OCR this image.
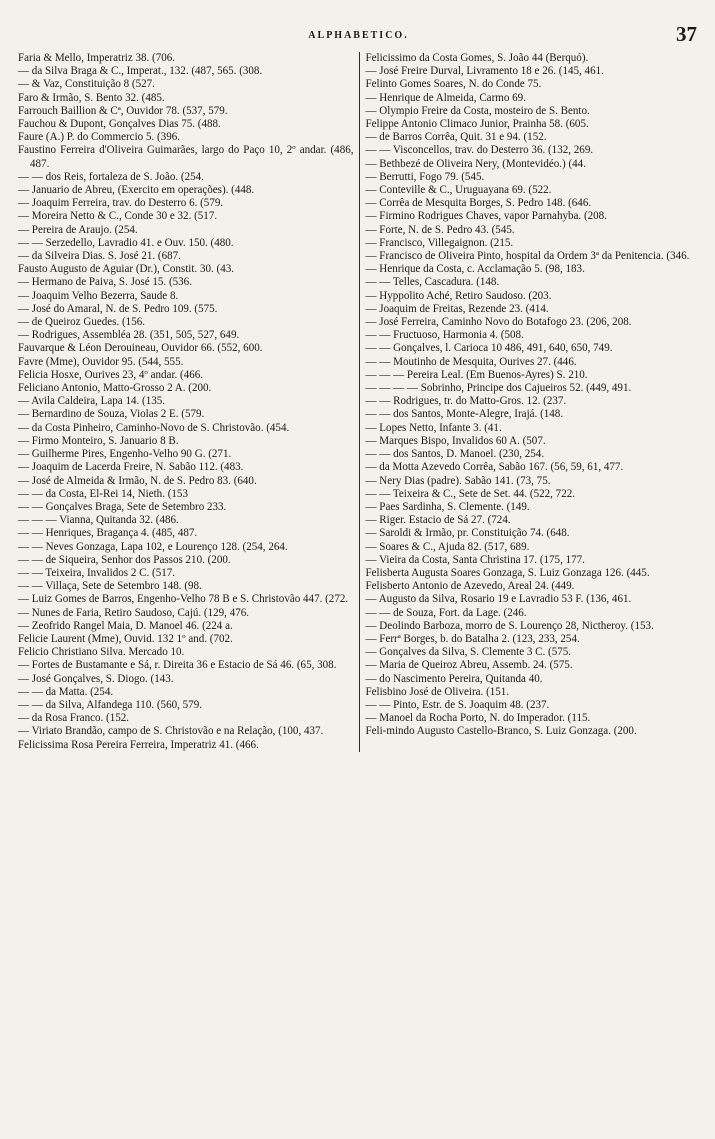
ALPHABETICO.	37

Faria & Mello, Imperatriz 38. (706.

— da Silva Braga & C., Imperat., 132. (487, 565. (308.

— & Vaz, Constituição 8 (527.

Faro & Irmão, S. Bento 32. (485.

Farrouch Baillion & Cª, Ouvidor 78. (537, 579.

Fauchou & Dupont, Gonçalves Dias 75. (488.

Faure (A.) P. do Commercio 5. (396.

Faustino Ferreira d'Oliveira Guimarães, largo do Paço 10, 2º andar. (486, 487.

— — dos Reis, fortaleza de S. João. (254.

— Januario de Abreu, (Exercito em operações). (448.

— Joaquim Ferreira, trav. do Desterro 6. (579.

— Moreira Netto & C., Conde 30 e 32. (517.

— Pereira de Araujo. (254.

— — Serzedello, Lavradio 41. e Ouv. 150. (480.

— da Silveira Dias. S. José 21. (687.

Fausto Augusto de Aguiar (Dr.), Constit. 30. (43.

— Hermano de Paiva, S. José 15. (536.

— Joaquim Velho Bezerra, Saude 8.

— José do Amaral, N. de S. Pedro 109. (575.

— de Queiroz Guedes. (156.

— Rodrigues, Assembléa 28. (351, 505, 527, 649.

Fauvarque & Léon Derouineau, Ouvidor 66. (552, 600.

Favre (Mme), Ouvidor 95. (544, 555.

Felicia Hosxe, Ourives 23, 4º andar. (466.

Feliciano Antonio, Matto-Grosso 2 A. (200.

— Avila Caldeira, Lapa 14. (135.

— Bernardino de Souza, Violas 2 E. (579.

— da Costa Pinheiro, Caminho-Novo de S. Christovão. (454.

— Firmo Monteiro, S. Januario 8 B.

— Guilherme Pires, Engenho-Velho 90 G. (271.

— Joaquim de Lacerda Freire, N. Sabão 112. (483.

— José de Almeida & Irmão, N. de S. Pedro 83. (640.

— — da Costa, El-Rei 14, Nieth. (153

— — Gonçalves Braga, Sete de Setembro 233.

— — — Vianna, Quitanda 32. (486.

— — Henriques, Bragança 4. (485, 487.

— — Neves Gonzaga, Lapa 102, e Lourenço 128. (254, 264.

— — de Siqueira, Senhor dos Passos 210. (200.

— — Teixeira, Invalidos 2 C. (517.

— — Villaça, Sete de Setembro 148. (98.

— Luiz Gomes de Barros, Engenho-Velho 78 B e S. Christovão 447. (272.

— Nunes de Faria, Retiro Saudoso, Cajú. (129, 476.

— Zeofrido Rangel Maia, D. Manoel 46. (224 a.

Felicie Laurent (Mme), Ouvid. 132 1º and. (702.

Felicio Christiano Silva. Mercado 10.

— Fortes de Bustamante e Sá, r. Direita 36 e Estacio de Sá 46. (65, 308.

— José Gonçalves, S. Diogo. (143.

— — da Matta. (254.

— — da Silva, Alfandega 110. (560, 579.

— da Rosa Franco. (152.

— Viriato Brandão, campo de S. Christovão e na Relação, (100, 437.

Felicissima Rosa Pereira Ferreira, Imperatriz 41. (466.

Felicissimo da Costa Gomes, S. João 44 (Berquó).

— José Freire Durval, Livramento 18 e 26. (145, 461.

Felinto Gomes Soares, N. do Conde 75.

— Henrique de Almeida, Carmo 69.

— Olympio Freire da Costa, mosteiro de S. Bento.

Felippe Antonio Climaco Junior, Prainha 58. (605.

— de Barros Corrêa, Quit. 31 e 94. (152.

— — Visconcellos, trav. do Desterro 36. (132, 269.

— Bethbezé de Oliveira Nery, (Montevidéo.) (44.

— Berrutti, Fogo 79. (545.

— Conteville & C., Uruguayana 69. (522.

— Corrêa de Mesquita Borges, S. Pedro 148. (646.

— Firmino Rodrigues Chaves, vapor Parnahyba. (208.

— Forte, N. de S. Pedro 43. (545.

— Francisco, Villegaignon. (215.

— Francisco de Oliveira Pinto, hospital da Ordem 3ª da Penitencia. (346.

— Henrique da Costa, c. Acclamação 5. (98, 183.

— — Telles, Cascadura. (148.

— Hyppolito Aché, Retiro Saudoso. (203.

— Joaquim de Freitas, Rezende 23. (414.

— José Ferreira, Caminho Novo do Botafogo 23. (206, 208.

— — Fructuoso, Harmonia 4. (508.

— — Gonçalves, l. Carioca 10 486, 491, 640, 650, 749.

— — Moutinho de Mesquita, Ourives 27. (446.

— — — Pereira Leal. (Em Buenos-Ayres) S. 210.

— — — — Sobrinho, Principe dos Cajueiros 52. (449, 491.

— — Rodrigues, tr. do Matto-Gros. 12. (237.

— — dos Santos, Monte-Alegre, Irajá. (148.

— Lopes Netto, Infante 3. (41.

— Marques Bispo, Invalidos 60 A. (507.

— — dos Santos, D. Manoel. (230, 254.

— da Motta Azevedo Corrêa, Sabão 167. (56, 59, 61, 477.

— Nery Dias (padre). Sabão 141. (73, 75.

— — Teixeira & C., Sete de Set. 44. (522, 722.

— Paes Sardinha, S. Clemente. (149.

— Riger. Estacio de Sá 27. (724.

— Saroldi & Irmão, pr. Constituição 74. (648.

— Soares & C., Ajuda 82. (517, 689.

— Vieira da Costa, Santa Christina 17. (175, 177.

Felisberta Augusta Soares Gonzaga, S. Luiz Gonzaga 126. (445.

Felisberto Antonio de Azevedo, Areal 24. (449.

— Augusto da Silva, Rosario 19 e Lavradio 53 F. (136, 461.

— — de Souza, Fort. da Lage. (246.

— Deolindo Barboza, morro de S. Lourenço 28, Nictheroy. (153.

— Ferrª Borges, b. do Batalha 2. (123, 233, 254.

— Gonçalves da Silva, S. Clemente 3 C. (575.

— Maria de Queiroz Abreu, Assemb. 24. (575.

— do Nascimento Pereira, Quitanda 40.

Felisbino José de Oliveira. (151.

— — Pinto, Estr. de S. Joaquim 48. (237.

— Manoel da Rocha Porto, N. do Imperador. (115.

Feli-mindo Augusto Castello-Branco, S. Luiz Gonzaga. (200.
